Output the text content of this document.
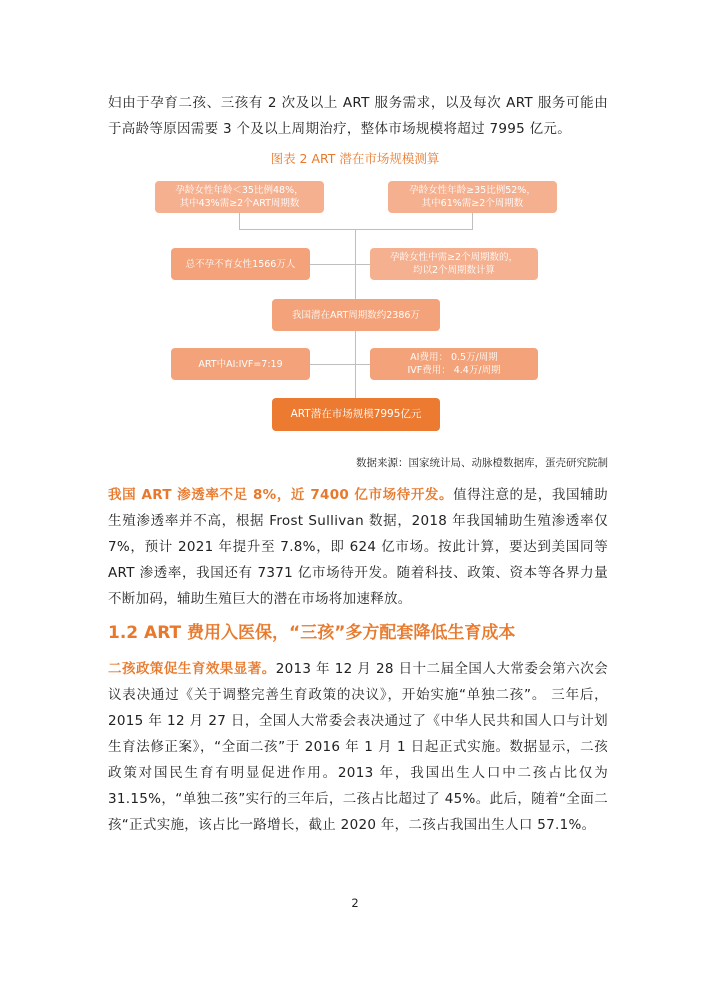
妇由于孕育二孩、三孩有 2 次及以上 ART 服务需求，以及每次 ART 服务可能由于高龄等原因需要 3 个及以上周期治疗，整体市场规模将超过 7995 亿元。
图表 2 ART 潜在市场规模测算
孕龄女性年龄＜35比例48%，
其中43%需≥2个ART周期数
孕龄女性年龄≥35比例52%，
其中61%需≥2个周期数
总不孕不育女性1566万人
孕龄女性中需≥2个周期数的，
均以2个周期数计算
我国潜在ART周期数约2386万
ART中AI:IVF=7:19
AI费用： 0.5万/周期
IVF费用： 4.4万/周期
ART潜在市场规模7995亿元
数据来源：国家统计局、动脉橙数据库，蛋壳研究院制
我国 ART 渗透率不足 8%，近 7400 亿市场待开发。值得注意的是，我国辅助生殖渗透率并不高，根据 Frost Sullivan 数据，2018 年我国辅助生殖渗透率仅 7%，预计 2021 年提升至 7.8%，即 624 亿市场。按此计算，要达到美国同等 ART 渗透率，我国还有 7371 亿市场待开发。随着科技、政策、资本等各界力量不断加码，辅助生殖巨大的潜在市场将加速释放。
1.2 ART 费用入医保，“三孩”多方配套降低生育成本
二孩政策促生育效果显著。2013 年 12 月 28 日十二届全国人大常委会第六次会议表决通过《关于调整完善生育政策的决议》，开始实施“单独二孩”。 三年后，2015 年 12 月 27 日，全国人大常委会表决通过了《中华人民共和国人口与计划生育法修正案》，“全面二孩”于 2016 年 1 月 1 日起正式实施。数据显示，二孩政策对国民生育有明显促进作用。2013 年，我国出生人口中二孩占比仅为 31.15%，“单独二孩”实行的三年后，二孩占比超过了 45%。此后，随着“全面二孩“正式实施，该占比一路增长，截止 2020 年，二孩占我国出生人口 57.1%。
2
